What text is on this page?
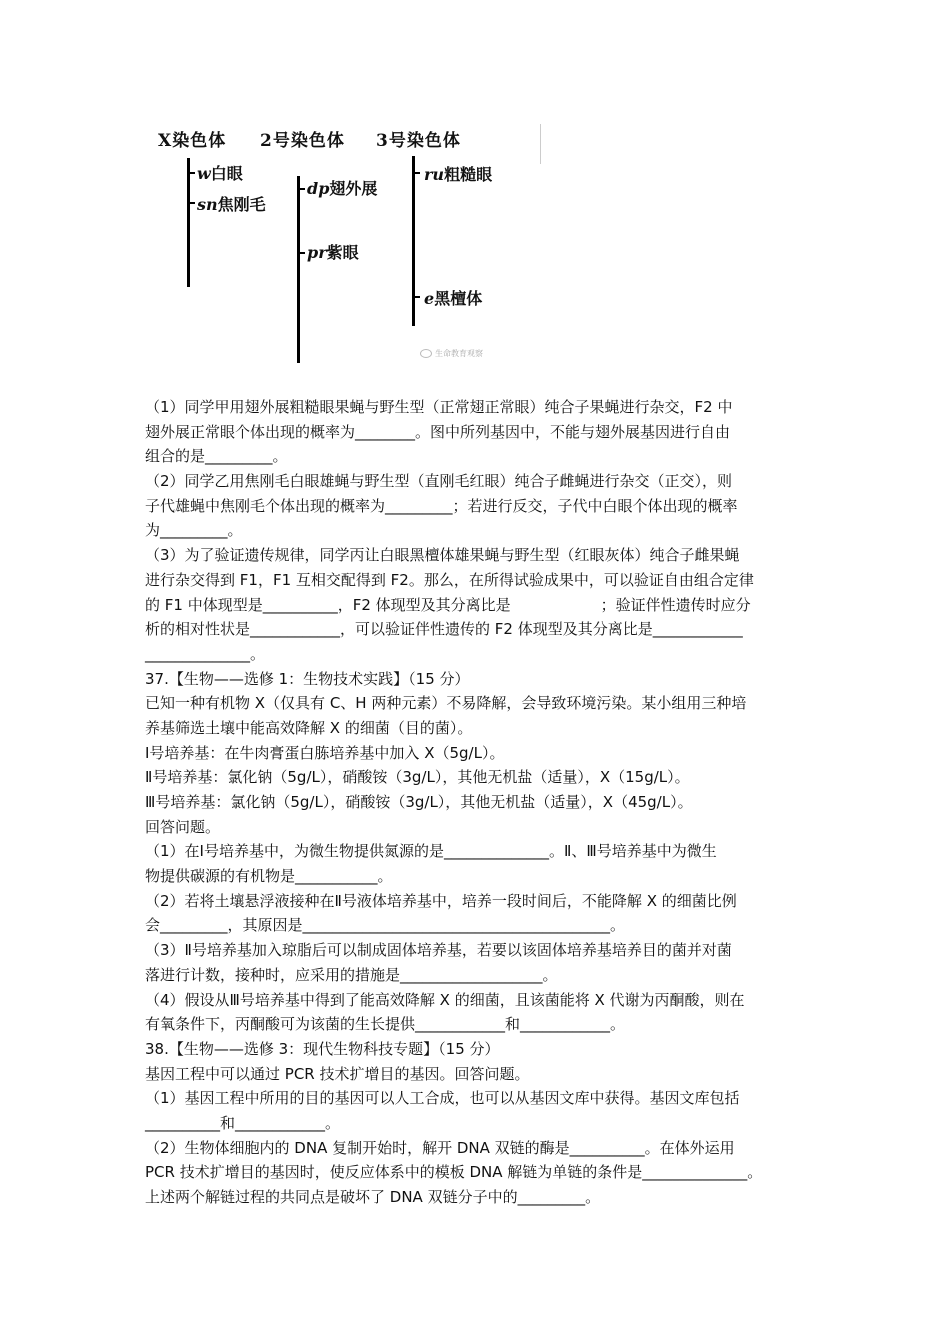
X染色体 2号染色体 3号染色体
w白眼
sn焦刚毛
dp翅外展
pr紫眼
ru粗糙眼
e黑檀体
生命教育观察
（1）同学甲用翅外展粗糙眼果蝇与野生型（正常翅正常眼）纯合子果蝇进行杂交，F2 中
翅外展正常眼个体出现的概率为________。图中所列基因中，不能与翅外展基因进行自由
组合的是_________。
（2）同学乙用焦刚毛白眼雄蝇与野生型（直刚毛红眼）纯合子雌蝇进行杂交（正交），则
子代雄蝇中焦刚毛个体出现的概率为_________；若进行反交，子代中白眼个体出现的概率
为_________。
（3）为了验证遗传规律，同学丙让白眼黑檀体雄果蝇与野生型（红眼灰体）纯合子雌果蝇
进行杂交得到 F1，F1 互相交配得到 F2。那么，在所得试验成果中，可以验证自由组合定律
的 F1 中体现型是__________，F2 体现型及其分离比是　　　　　　；验证伴性遗传时应分
析的相对性状是____________，可以验证伴性遗传的 F2 体现型及其分离比是____________
______________。
37.【生物——选修 1：生物技术实践】（15 分）
已知一种有机物 X（仅具有 C、H 两种元素）不易降解，会导致环境污染。某小组用三种培
养基筛选土壤中能高效降解 X 的细菌（目的菌）。
Ⅰ号培养基：在牛肉膏蛋白胨培养基中加入 X（5g/L）。
Ⅱ号培养基：氯化钠（5g/L），硝酸铵（3g/L），其他无机盐（适量），X（15g/L）。
Ⅲ号培养基：氯化钠（5g/L），硝酸铵（3g/L），其他无机盐（适量），X（45g/L）。
回答问题。
（1）在Ⅰ号培养基中，为微生物提供氮源的是______________。Ⅱ、Ⅲ号培养基中为微生
物提供碳源的有机物是___________。
（2）若将土壤悬浮液接种在Ⅱ号液体培养基中，培养一段时间后，不能降解 X 的细菌比例
会_________，其原因是_________________________________________。
（3）Ⅱ号培养基加入琼脂后可以制成固体培养基，若要以该固体培养基培养目的菌并对菌
落进行计数，接种时，应采用的措施是___________________。
（4）假设从Ⅲ号培养基中得到了能高效降解 X 的细菌，且该菌能将 X 代谢为丙酮酸，则在
有氧条件下，丙酮酸可为该菌的生长提供____________和____________。
38.【生物——选修 3：现代生物科技专题】（15 分）
基因工程中可以通过 PCR 技术扩增目的基因。回答问题。
（1）基因工程中所用的目的基因可以人工合成，也可以从基因文库中获得。基因文库包括
__________和____________。
（2）生物体细胞内的 DNA 复制开始时，解开 DNA 双链的酶是__________。在体外运用
PCR 技术扩增目的基因时，使反应体系中的模板 DNA 解链为单链的条件是______________。
上述两个解链过程的共同点是破坏了 DNA 双链分子中的_________。
